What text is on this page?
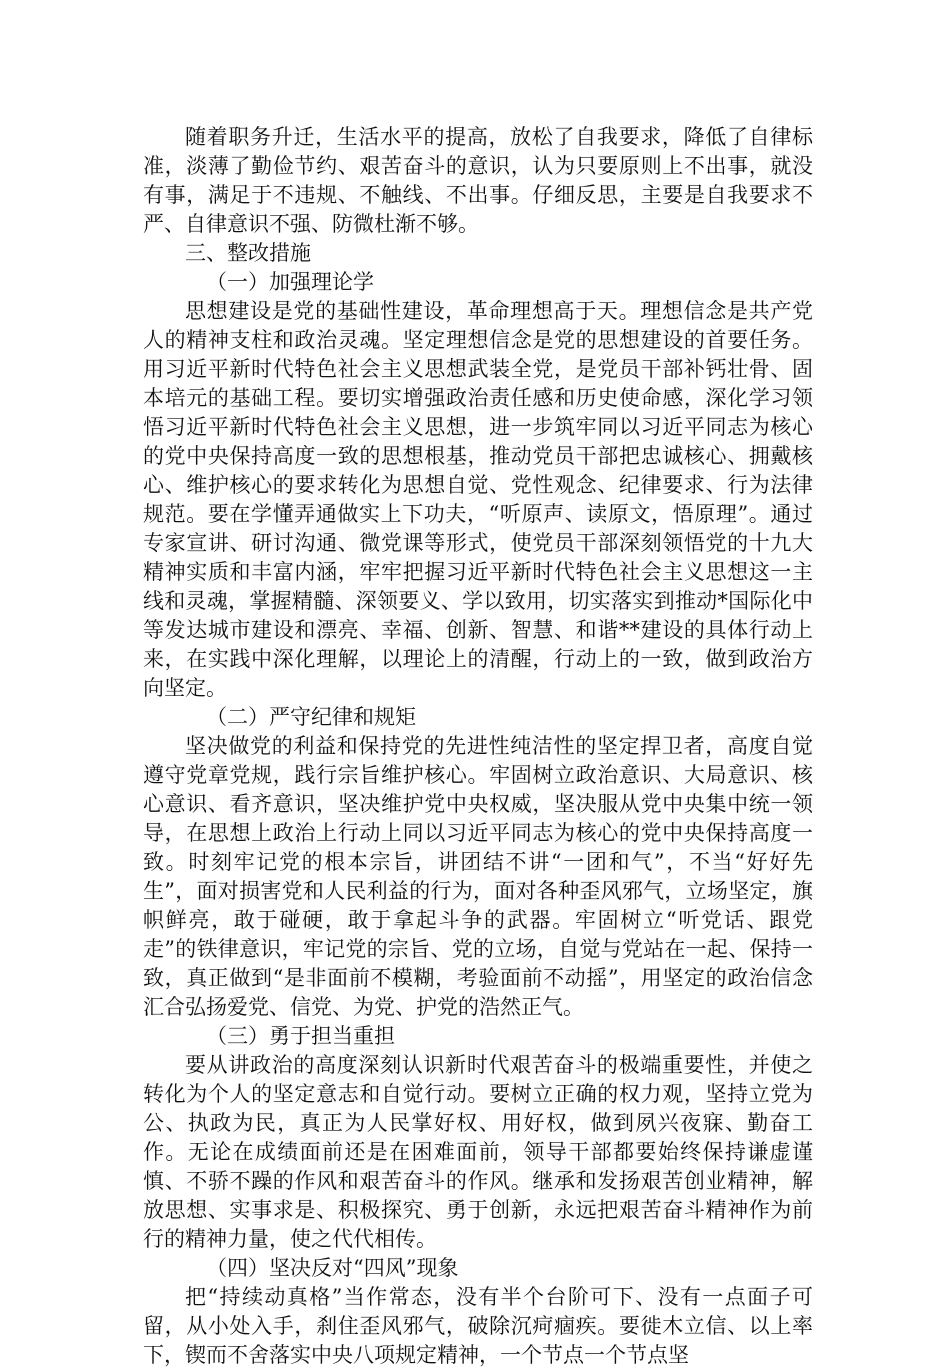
随着职务升迁，生活水平的提高，放松了自我要求，降低了自律标准，淡薄了勤俭节约、艰苦奋斗的意识，认为只要原则上不出事，就没有事，满足于不违规、不触线、不出事。仔细反思，主要是自我要求不严、自律意识不强、防微杜渐不够。

三、整改措施

（一）加强理论学

思想建设是党的基础性建设，革命理想高于天。理想信念是共产党人的精神支柱和政治灵魂。坚定理想信念是党的思想建设的首要任务。用习近平新时代特色社会主义思想武装全党，是党员干部补钙壮骨、固本培元的基础工程。要切实增强政治责任感和历史使命感，深化学习领悟习近平新时代特色社会主义思想，进一步筑牢同以习近平同志为核心的党中央保持高度一致的思想根基，推动党员干部把忠诚核心、拥戴核心、维护核心的要求转化为思想自觉、党性观念、纪律要求、行为法律规范。要在学懂弄通做实上下功夫，“听原声、读原文，悟原理”。通过专家宣讲、研讨沟通、微党课等形式，使党员干部深刻领悟党的十九大精神实质和丰富内涵，牢牢把握习近平新时代特色社会主义思想这一主线和灵魂，掌握精髓、深领要义、学以致用，切实落实到推动*国际化中等发达城市建设和漂亮、幸福、创新、智慧、和谐**建设的具体行动上来，在实践中深化理解，以理论上的清醒，行动上的一致，做到政治方向坚定。

（二）严守纪律和规矩

坚决做党的利益和保持党的先进性纯洁性的坚定捍卫者，高度自觉遵守党章党规，践行宗旨维护核心。牢固树立政治意识、大局意识、核心意识、看齐意识，坚决维护党中央权威，坚决服从党中央集中统一领导，在思想上政治上行动上同以习近平同志为核心的党中央保持高度一致。时刻牢记党的根本宗旨，讲团结不讲“一团和气”，不当“好好先生”，面对损害党和人民利益的行为，面对各种歪风邪气，立场坚定，旗帜鲜亮，敢于碰硬，敢于拿起斗争的武器。牢固树立“听党话、跟党走”的铁律意识，牢记党的宗旨、党的立场，自觉与党站在一起、保持一致，真正做到“是非面前不模糊，考验面前不动摇”，用坚定的政治信念汇合弘扬爱党、信党、为党、护党的浩然正气。

（三）勇于担当重担

要从讲政治的高度深刻认识新时代艰苦奋斗的极端重要性，并使之转化为个人的坚定意志和自觉行动。要树立正确的权力观，坚持立党为公、执政为民，真正为人民掌好权、用好权，做到夙兴夜寐、勤奋工作。无论在成绩面前还是在困难面前，领导干部都要始终保持谦虚谨慎、不骄不躁的作风和艰苦奋斗的作风。继承和发扬艰苦创业精神，解放思想、实事求是、积极探究、勇于创新，永远把艰苦奋斗精神作为前行的精神力量，使之代代相传。

（四）坚决反对“四风”现象

把“持续动真格”当作常态，没有半个台阶可下、没有一点面子可留，从小处入手，刹住歪风邪气，破除沉疴痼疾。要徙木立信、以上率下，锲而不舍落实中央八项规定精神，一个节点一个节点坚
